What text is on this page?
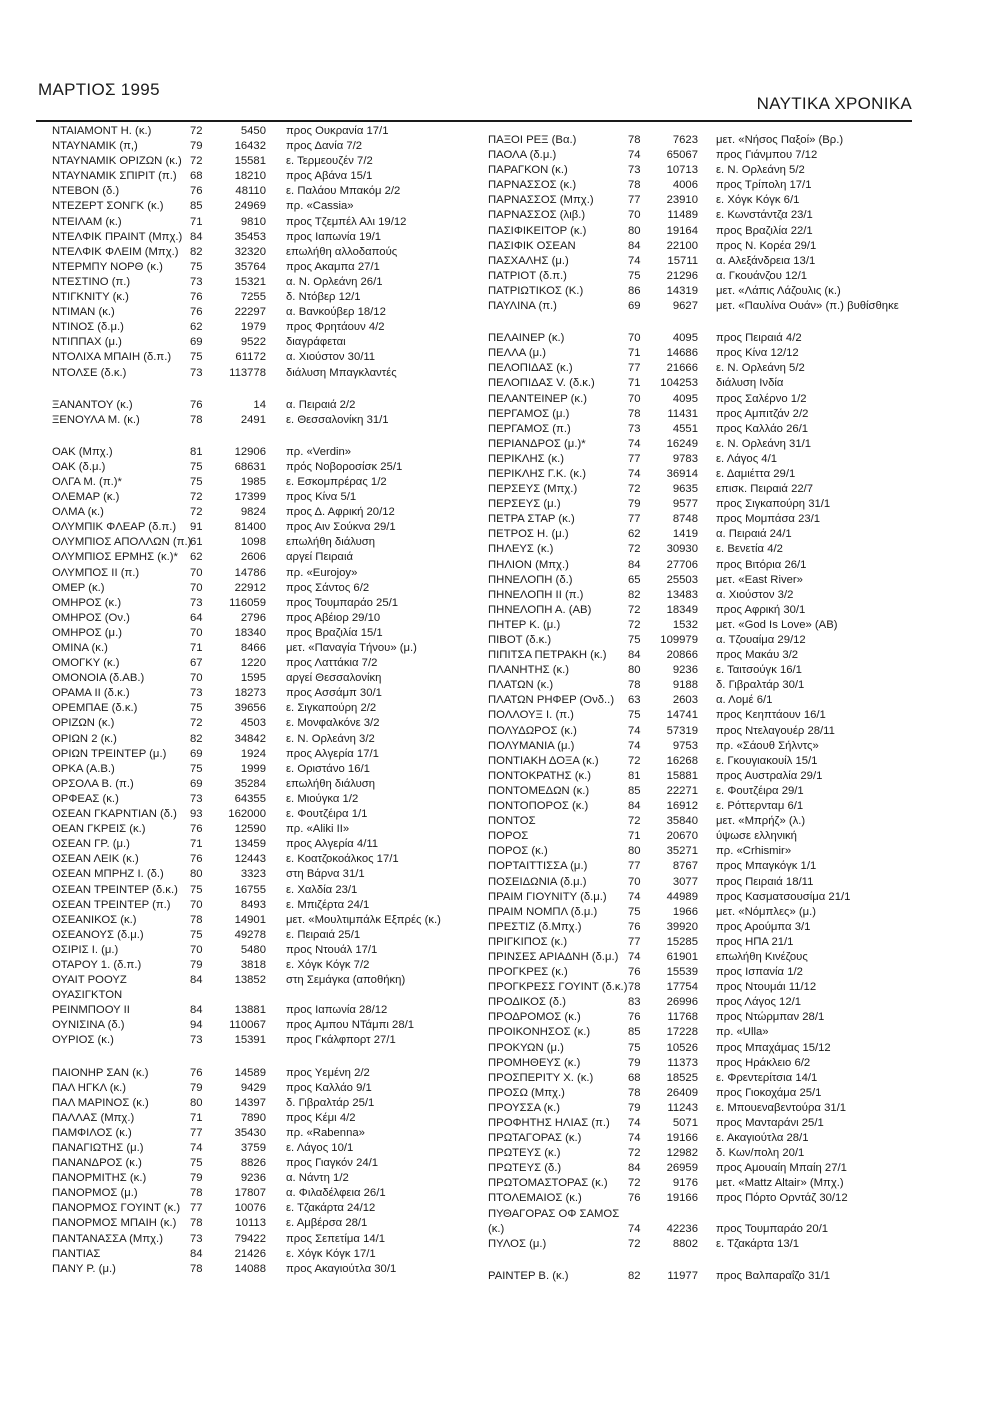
ΜΑΡΤΙΟΣ 1995
ΝΑΥΤΙΚΑ ΧΡΟΝΙΚΑ
ΝΤΑΙΑΜΟΝΤ Η. (κ.)	72	5450 προς Ουκρανία 17/1
ΝΤΑΥΝΑΜΙΚ (π,)	79	16432 προς Δανία 7/2
ΝΤΑΥΝΑΜΙΚ ΟΡΙΖΩΝ (κ.) 72	15581 ε. Τερμεουζέν 7/2
ΝΤΑΥΝΑΜΙΚ ΣΠΙΡΙΤ (π.) 68	18210 προς Αβάνα 15/1
ΝΤΕΒΟΝ (δ.)	76	48110 ε. Παλάου Μπακόμ 2/2
ΝΤΕΖΕΡΤ ΣΟΝΓΚ (κ.) 85	24969 πρ. «Cassia»
ΝΤΕΙΛΑΜ (κ.)	71	9810 προς Τζεμπέλ Αλι 19/12
ΝΤΕΛΦΙΚ ΠΡΑΙΝΤ (Μπχ.) 84	35453 προς Ιαπωνία 19/1
ΝΤΕΛΦΙΚ ΦΛΕΙΜ (Μπχ.) 82	32320 επωλήθη αλλοδαπούς
ΝΤΕΡΜΠΥ ΝΟΡΘ (κ.) 75	35764 προς Ακαμπα 27/1
ΝΤΕΣΤΙΝΟ (π.)	73	15321 α. Ν. Ορλεάνη 26/1
ΝΤΙΓΚΝΙΤΥ (κ.)	76	7255 δ. Ντόβερ 12/1
ΝΤΙΜΑΝ (κ.)	76	22297 α. Βανκούβερ 18/12
ΝΤΙΝΟΣ (δ.μ.)	62	1979 προς Φρητάουν 4/2
ΝΤΙΠΠΑΧ (μ.)	69	9522 διαγράφεται
ΝΤΟΛΙΧΑ ΜΠΑΙΗ (δ.π.) 75	61172 α. Χιούστον 30/11
ΝΤΟΛΣΕ (δ.κ.)	73	113778 διάλυση Μπαγκλαντές
ΞΑΝΑΝΤΟΥ (κ.)	76	14 α. Πειραιά 2/2
ΞΕΝΟΥΛΑ Μ. (κ.)	78	2491 ε. Θεσσαλονίκη 31/1
ΟΑΚ (Μπχ.)	81	12906 πρ. «Verdin»
ΟΑΚ (δ.μ.)	75	68631 πρός Νοβοροσίσκ 25/1
ΟΛΓΑ Μ. (π.)*	75	1985 ε. Εσκομπρέρας 1/2
ΟΛΕΜΑΡ (κ.)	72	17399 προς Κίνα 5/1
ΟΛΜΑ (κ.)	72	9824 προς Δ. Αφρική 20/12
ΟΛΥΜΠΙΚ ΦΛΕΑΡ (δ.π.) 91	81400 προς Αιν Σούκνα 29/1
ΟΛΥΜΠΙΟΣ ΑΠΟΛΛΩΝ (π.)
61	1098 επωλήθη διάλυση
ΟΛΥΜΠΙΟΣ ΕΡΜΗΣ (κ.)* 62	2606 αργεί Πειραιά
ΟΛΥΜΠΟΣ ΙΙ (π.)	70	14786 πρ. «Eurojoy»
ΟΜΕΡ (κ.)	70	22912 προς Σάντος 6/2
ΟΜΗΡΟΣ (κ.)	73	116059 προς Τουμπαράο 25/1
ΟΜΗΡΟΣ (Ον.)	64	2796 προς Αβέιορ 29/10
ΟΜΗΡΟΣ (μ.)	70	18340 προς Βραζιλία 15/1
ΟΜΙΝΑ (κ.)	71	8466 μετ. «Παναγία Τήνου» (μ.)
ΟΜΟΓΚΥ (κ.)	67	1220 προς Λαττάκια 7/2
ΟΜΟΝΟΙΑ (δ.ΑΒ.)	70	1595 αργεί Θεσσαλονίκη
ΟΡΑΜΑ ΙΙ (δ.κ.)	73	18273 προς Ασσάμπ 30/1
ΟΡΕΜΠΑΕ (δ.κ.)	75	39656 ε. Σιγκαπούρη 2/2
ΟΡΙΖΩΝ (κ.)	72	4503 ε. Μονφαλκόνε 3/2
ΟΡΙΩΝ 2 (κ.)	82	34842 ε. Ν. Ορλεάνη 3/2
ΟΡΙΩΝ ΤΡΕΙΝΤΕΡ (μ.) 69	1924 προς Αλγερία 17/1
ΟΡΚΑ (Α.Β.)	75	1999 ε. Οριστάνο 16/1
ΟΡΣΟΛΑ Β. (π.)	69	35284 επωλήθη διάλυση
ΟΡΦΕΑΣ (κ.)	73	64355 ε. Μιούγκα 1/2
ΟΣΕΑΝ ΓΚΑΡΝΤΙΑΝ (δ.) 93	162000 ε. Φουτζέιρα 1/1
ΟΕΑΝ ΓΚΡΕΙΣ (κ.)	76	12590 πρ. «Aliki II»
ΟΣΕΑΝ ΓΡ. (μ.)	71	13459 προς Αλγερία 4/11
ΟΣΕΑΝ ΛΕΙΚ (κ.)	76	12443 ε. Κοατζοκοάλκος 17/1
ΟΣΕΑΝ ΜΠΡΗΖ Ι. (δ.) 80	3323 στη Βάρνα 31/1
ΟΣΕΑΝ ΤΡΕΙΝΤΕΡ (δ.κ.) 75	16755 ε. Χαλδία 23/1
ΟΣΕΑΝ ΤΡΕΙΝΤΕΡ (π.) 70	8493 ε. Μπιζέρτα 24/1
ΟΣΕΑΝΙΚΟΣ (κ.)	78	14901 μετ. «Μουλτιμπάλκ Εξπρές (κ.)
ΟΣΕΑΝΟΥΣ (δ.μ.)	75	49278 ε. Πειραιά 25/1
ΟΣΙΡΙΣ Ι. (μ.)	70	5480 προς Ντουάλ 17/1
ΟΤΑΡΟΥ 1. (δ.π.)	79	3818 ε. Χόγκ Κόγκ 7/2
ΟΥΑΙΤ ΡΟΟΥΖ	84	13852 στη Σεμάγκα (αποθήκη)
ΟΥΑΣΙΓΚΤΟΝ
ΡΕΙΝΜΠΟΟΥ ΙΙ	84	13881 προς Ιαπωνία 28/12
ΟΥΝΙΣΙΝΑ (δ.)	94	110067 προς Αμπου ΝΤάμπι 28/1
ΟΥΡΙΟΣ (κ.)	73	15391 προς Γκάλφπορτ 27/1
ΠΑΙΟΝΗΡ ΣΑΝ (κ.)	76	14589 προς Υεμένη 2/2
ΠΑΛ ΗΓΚΛ (κ.)	79	9429 προς Καλλάο 9/1
ΠΑΛ ΜΑΡΙΝΟΣ (κ.)	80	14397 δ. Γιβραλτάρ 25/1
ΠΑΛΛΑΣ (Μπχ.)	71	7890 προς Κέμι 4/2
ΠΑΜΦΙΛΟΣ (κ.)	77	35430 πρ. «Rabenna»
ΠΑΝΑΓΙΩΤΗΣ (μ.)	74	3759 ε. Λάγος 10/1
ΠΑΝΑΝΔΡΟΣ (κ.)	75	8826 προς Γιαγκόν 24/1
ΠΑΝΟΡΜΙΤΗΣ (κ.)	79	9236 α. Νάντη 1/2
ΠΑΝΟΡΜΟΣ (μ.)	78	17807 α. Φιλαδέλφεια 26/1
ΠΑΝΟΡΜΟΣ ΓΟΥΙΝΤ (κ.) 77	10076 ε. Τζακάρτα 24/12
ΠΑΝΟΡΜΟΣ ΜΠΑΙΗ (κ.) 78	10113 ε. Αμβέρσα 28/1
ΠΑΝΤΑΝΑΣΣΑ (Μπχ.) 73	79422 προς Σεπετίμα 14/1
ΠΑΝΤΙΑΣ	84	21426 ε. Χόγκ Κόγκ 17/1
ΠΑΝΥ Ρ. (μ.)	78	14088 προς Ακαγιούτλα 30/1
ΠΑΞΟΙ ΡΕΞ (Βα.)	78	7623 μετ. «Νήσος Παξοί» (Βρ.)
ΠΑΟΛΑ (δ.μ.)	74	65067 προς Γιάνμπου 7/12
ΠΑΡΑΓΚΟΝ (κ.)	73	10713 ε. Ν. Ορλεάνη 5/2
ΠΑΡΝΑΣΣΟΣ (κ.)	78	4006 προς Τρίπολη 17/1
ΠΑΡΝΑΣΣΟΣ (Μπχ.)	77	23910 ε. Χόγκ Κόγκ 6/1
ΠΑΡΝΑΣΣΟΣ (λιβ.)	70	11489 ε. Κωνστάντζα 23/1
ΠΑΣΙΦΙΚΕΙΤΟΡ (κ.)	80	19164 προς Βραζιλία 22/1
ΠΑΣΙΦΙΚ ΟΣΕΑΝ	84	22100 προς Ν. Κορέα 29/1
ΠΑΣΧΑΛΗΣ (μ.)	74	15711 α. Αλεξάνδρεια 13/1
ΠΑΤΡΙΟΤ (δ.π.)	75	21296 α. Γκουάνζου 12/1
ΠΑΤΡΙΩΤΙΚΟΣ (Κ.)	86	14319 μετ. «Λάπις Λάζουλις (κ.)
ΠΑΥΛΙΝΑ (π.)	69	9627 μετ. «Παυλίνα Ουάν» (π.) βυθίσθηκε
ΠΕΛΑΙΝΕΡ (κ.)	70	4095 προς Πειραιά 4/2
ΠΕΛΛΑ (μ.)	71	14686 προς Κίνα 12/12
ΠΕΛΟΠΙΔΑΣ (κ.)	77	21666 ε. Ν. Ορλεάνη 5/2
ΠΕΛΟΠΙΔΑΣ V. (δ.κ.)	71	104253 διάλυση Ινδία
ΠΕΛΑΝΤΕΙΝΕΡ (κ.)	70	4095 προς Σαλέρνο 1/2
ΠΕΡΓΑΜΟΣ (μ.)	78	11431 προς Αμπιτζάν 2/2
ΠΕΡΓΑΜΟΣ (π.)	73	4551 προς Καλλάο 26/1
ΠΕΡΙΑΝΔΡΟΣ (μ.)*	74	16249 ε. Ν. Ορλεάνη 31/1
ΠΕΡΙΚΛΗΣ (κ.)	77	9783 ε. Λάγος 4/1
ΠΕΡΙΚΛΗΣ Γ.Κ. (κ.)	74	36914 ε. Δαμιέττα 29/1
ΠΕΡΣΕΥΣ (Μπχ.)	72	9635 επισκ. Πειραιά 22/7
ΠΕΡΣΕΥΣ (μ.)	79	9577 προς Σιγκαπούρη 31/1
ΠΕΤΡΑ ΣΤΑΡ (κ.)	77	8748 προς Μομπάσα 23/1
ΠΕΤΡΟΣ Η. (μ.)	62	1419 α. Πειραιά 24/1
ΠΗΛΕΥΣ (κ.)	72	30930 ε. Βενετία 4/2
ΠΗΛΙΟΝ (Μπχ.)	84	27706 προς Βιτόρια 26/1
ΠΗΝΕΛΟΠΗ (δ.)	65	25503 μετ. «East River»
ΠΗΝΕΛΟΠΗ ΙΙ (π.)	82	13483 α. Χιούστον 3/2
ΠΗΝΕΛΟΠΗ Α. (ΑΒ)	72	18349 προς Αφρική 30/1
ΠΗΤΕΡ Κ. (μ.)	72	1532 μετ. «God Is Love» (ΑΒ)
ΠΙΒΟΤ (δ.κ.)	75	109979 α. Τζουαίμα 29/12
ΠΙΠΙΤΣΑ ΠΕΤΡΑΚΗ (κ.) 84	20866 προς Μακάυ 3/2
ΠΛΑΝΗΤΗΣ (κ.)	80	9236 ε. Ταιτσούγκ 16/1
ΠΛΑΤΩΝ (κ.)	78	9188 δ. Γιβραλτάρ 30/1
ΠΛΑΤΩΝ ΡΗΦΕΡ (Ονδ..) 63	2603 α. Λομέ 6/1
ΠΟΛΛΟΥΞ Ι. (π.)	75	14741 προς Κεηπτάουν 16/1
ΠΟΛΥΔΩΡΟΣ (κ.)	74	57319 προς Ντελαγουέρ 28/11
ΠΟΛΥΜΑΝΙΑ (μ.)	74	9753 πρ. «Σάουθ Σήλντς»
ΠΟΝΤΙΑΚΗ ΔΟΞΑ (κ.)	72	16268 ε. Γκουγιακουίλ 15/1
ΠΟΝΤΟΚΡΑΤΗΣ (κ.)	81	15881 προς Αυστραλία 29/1
ΠΟΝΤΟΜΕΔΩΝ (κ.)	85	22271 ε. Φουτζέιρα 29/1
ΠΟΝΤΟΠΟΡΟΣ (κ.)	84	16912 ε. Ρόττερνταμ 6/1
ΠΟΝΤΟΣ	72	35840 μετ. «Μπρήζ» (λ.)
ΠΟΡΟΣ	71	20670 ύψωσε ελληνική
ΠΟΡΟΣ (κ.)	80	35271 πρ. «Crhismir»
ΠΟΡΤΑΙΤΤΙΣΣΑ (μ.)	77	8767 προς Μπαγκόγκ 1/1
ΠΟΣΕΙΔΩΝΙΑ (δ.μ.)	70	3077 προς Πειραιά 18/11
ΠΡΑΙΜ ΓΙΟΥΝΙΤΥ (δ.μ.) 74	44989 προς Κασματσουσίμα 21/1
ΠΡΑΙΜ ΝΟΜΠΛ (δ.μ.)	75	1966 μετ. «Νόμπλες» (μ.)
ΠΡΕΣΤΙΖ (δ.Μπχ.)	76	39920 προς Αρούμπα 3/1
ΠΡΙΓΚΙΠΟΣ (κ.)	77	15285 προς ΗΠΑ 21/1
ΠΡΙΝΣΕΣ ΑΡΙΑΔΝΗ (δ.μ.) 74	61901 επωλήθη Κινέζους
ΠΡΟΓΚΡΕΣ (κ.)	76	15539 προς Ισπανία 1/2
ΠΡΟΓΚΡΕΣΣ ΓΟΥΙΝΤ (δ.κ.) 78	17754 προς Ντουμάι 11/12
ΠΡΟΔΙΚΟΣ (δ.)	83	26996 προς Λάγος 12/1
ΠΡΟΔΡΟΜΟΣ (κ.)	76	11768 προς Ντώρμπαν 28/1
ΠΡΟΙΚΟΝΗΣΟΣ (κ.)	85	17228 πρ. «Ulla»
ΠΡΟΚΥΩΝ (μ.)	75	10526 προς Μπαχάμας 15/12
ΠΡΟΜΗΘΕΥΣ (κ.)	79	11373 προς Ηράκλειο 6/2
ΠΡΟΣΠΕΡΙΤΥ Χ. (κ.)	68	18525 ε. Φρεντερίτσια 14/1
ΠΡΟΣΩ (Μπχ.)	78	26409 προς Γιοκοχάμα 25/1
ΠΡΟΥΣΣΑ (κ.)	79	11243 ε. Μπουεναβεντούρα 31/1
ΠΡΟΦΗΤΗΣ ΗΛΙΑΣ (π.) 74	5071 προς Μανταράνι 25/1
ΠΡΩΤΑΓΟΡΑΣ (κ.)	74	19166 ε. Ακαγιούτλα 28/1
ΠΡΩΤΕΥΣ (κ.)	72	12982 δ. Κων/πολη 20/1
ΠΡΩΤΕΥΣ (δ.)	84	26959 προς Αμουαίη Μπαίη 27/1
ΠΡΩΤΟΜΑΣΤΟΡΑΣ (κ.) 72	9176 μετ. «Mattz Altair» (Μπχ.)
ΠΤΟΛΕΜΑΙΟΣ (κ.)	76	19166 προς Πόρτο Ορντάζ 30/12
ΠΥΘΑΓΟΡΑΣ ΟΦ ΣΑΜΟΣ
(κ.)	74	42236 προς Τουμπαράο 20/1
ΠΥΛΟΣ (μ.)	72	8802 ε. Τζακάρτα 13/1
ΡΑΙΝΤΕΡ Β. (κ.)	82	11977 προς Βαλπαραΐζο 31/1
